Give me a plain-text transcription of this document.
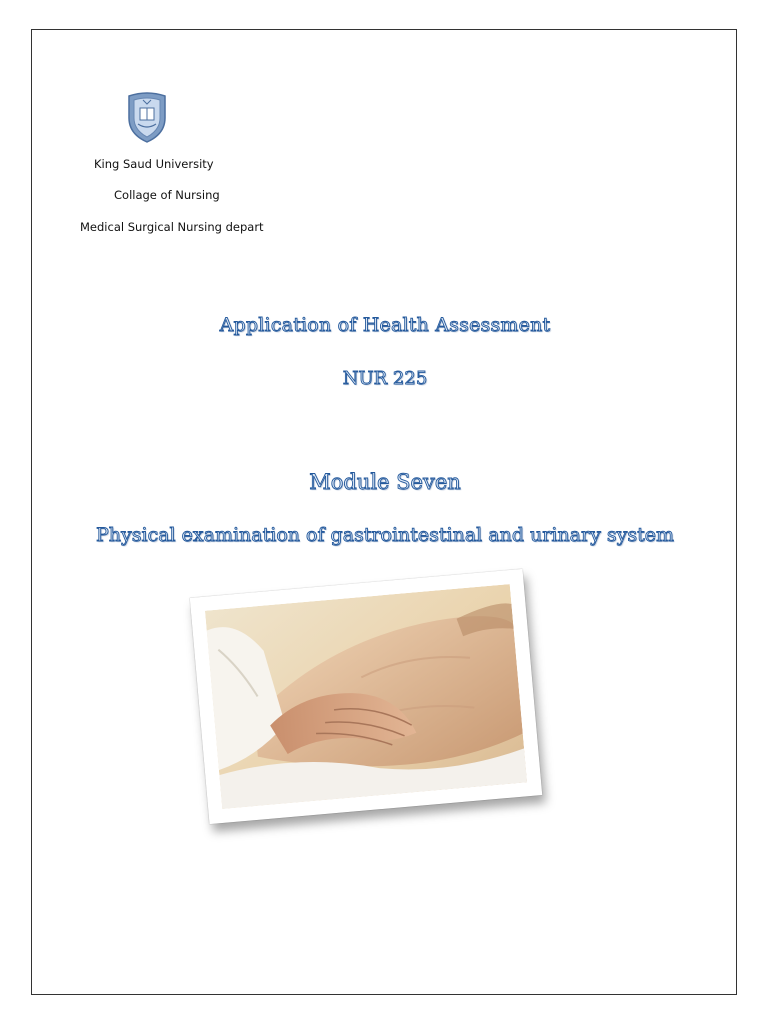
King Saud University
Collage of Nursing
Medical Surgical Nursing depart
Application of Health Assessment
NUR 225
Module Seven
Physical examination of gastrointestinal and urinary system
